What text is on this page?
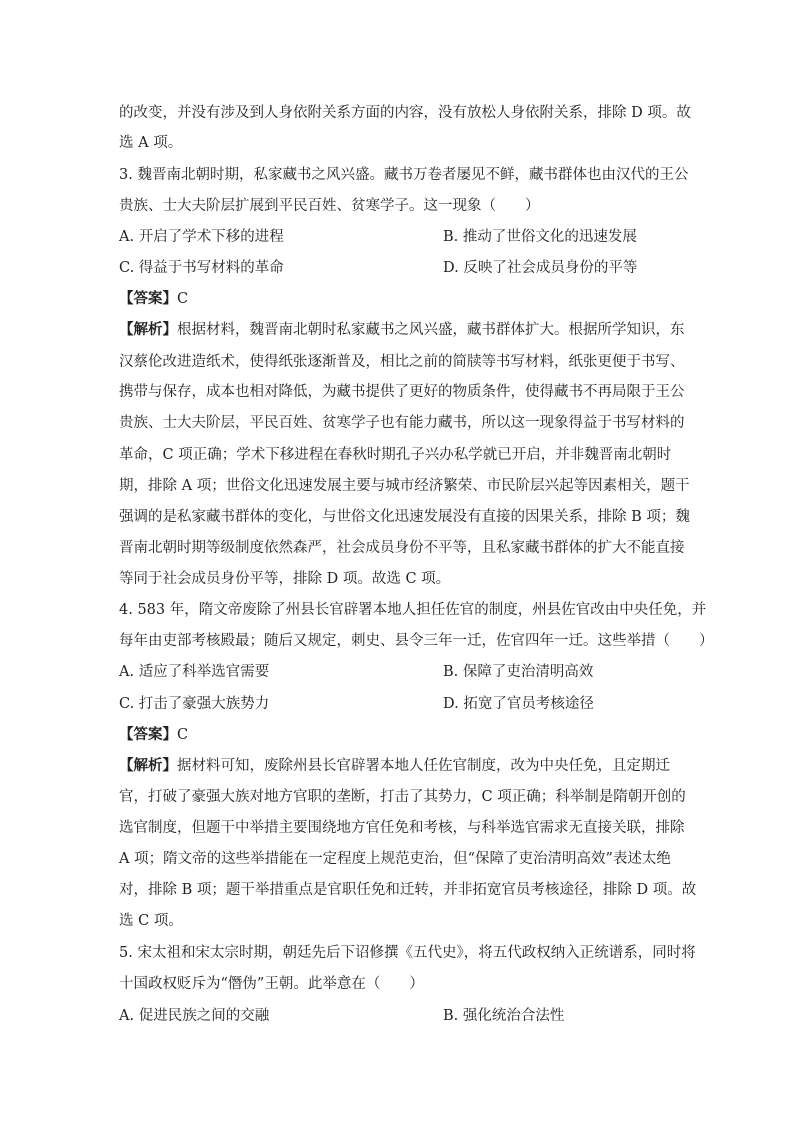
的改变，并没有涉及到人身依附关系方面的内容，没有放松人身依附关系，排除 D 项。故
选 A 项。
3. 魏晋南北朝时期，私家藏书之风兴盛。藏书万卷者屡见不鲜，藏书群体也由汉代的王公
贵族、士大夫阶层扩展到平民百姓、贫寒学子。这一现象（　　）
A. 开启了学术下移的进程	B. 推动了世俗文化的迅速发展
C. 得益于书写材料的革命	D. 反映了社会成员身份的平等
【答案】C
【解析】根据材料，魏晋南北朝时私家藏书之风兴盛，藏书群体扩大。根据所学知识，东
汉蔡伦改进造纸术，使得纸张逐渐普及，相比之前的简牍等书写材料，纸张更便于书写、
携带与保存，成本也相对降低，为藏书提供了更好的物质条件，使得藏书不再局限于王公
贵族、士大夫阶层，平民百姓、贫寒学子也有能力藏书，所以这一现象得益于书写材料的
革命，C 项正确；学术下移进程在春秋时期孔子兴办私学就已开启，并非魏晋南北朝时
期，排除 A 项；世俗文化迅速发展主要与城市经济繁荣、市民阶层兴起等因素相关，题干
强调的是私家藏书群体的变化，与世俗文化迅速发展没有直接的因果关系，排除 B 项；魏
晋南北朝时期等级制度依然森严，社会成员身份不平等，且私家藏书群体的扩大不能直接
等同于社会成员身份平等，排除 D 项。故选 C 项。
4. 583 年，隋文帝废除了州县长官辟署本地人担任佐官的制度，州县佐官改由中央任免，并
每年由吏部考核殿最；随后又规定，刺史、县令三年一迁，佐官四年一迁。这些举措（　　）
A. 适应了科举选官需要	B. 保障了吏治清明高效
C. 打击了豪强大族势力	D. 拓宽了官员考核途径
【答案】C
【解析】据材料可知，废除州县长官辟署本地人任佐官制度，改为中央任免，且定期迁
官，打破了豪强大族对地方官职的垄断，打击了其势力，C 项正确；科举制是隋朝开创的
选官制度，但题干中举措主要围绕地方官任免和考核，与科举选官需求无直接关联，排除
A 项；隋文帝的这些举措能在一定程度上规范吏治，但“保障了吏治清明高效”表述太绝
对，排除 B 项；题干举措重点是官职任免和迁转，并非拓宽官员考核途径，排除 D 项。故
选 C 项。
5. 宋太祖和宋太宗时期，朝廷先后下诏修撰《五代史》，将五代政权纳入正统谱系，同时将
十国政权贬斥为“僭伪”王朝。此举意在（　　）
A. 促进民族之间的交融	B. 强化统治合法性
